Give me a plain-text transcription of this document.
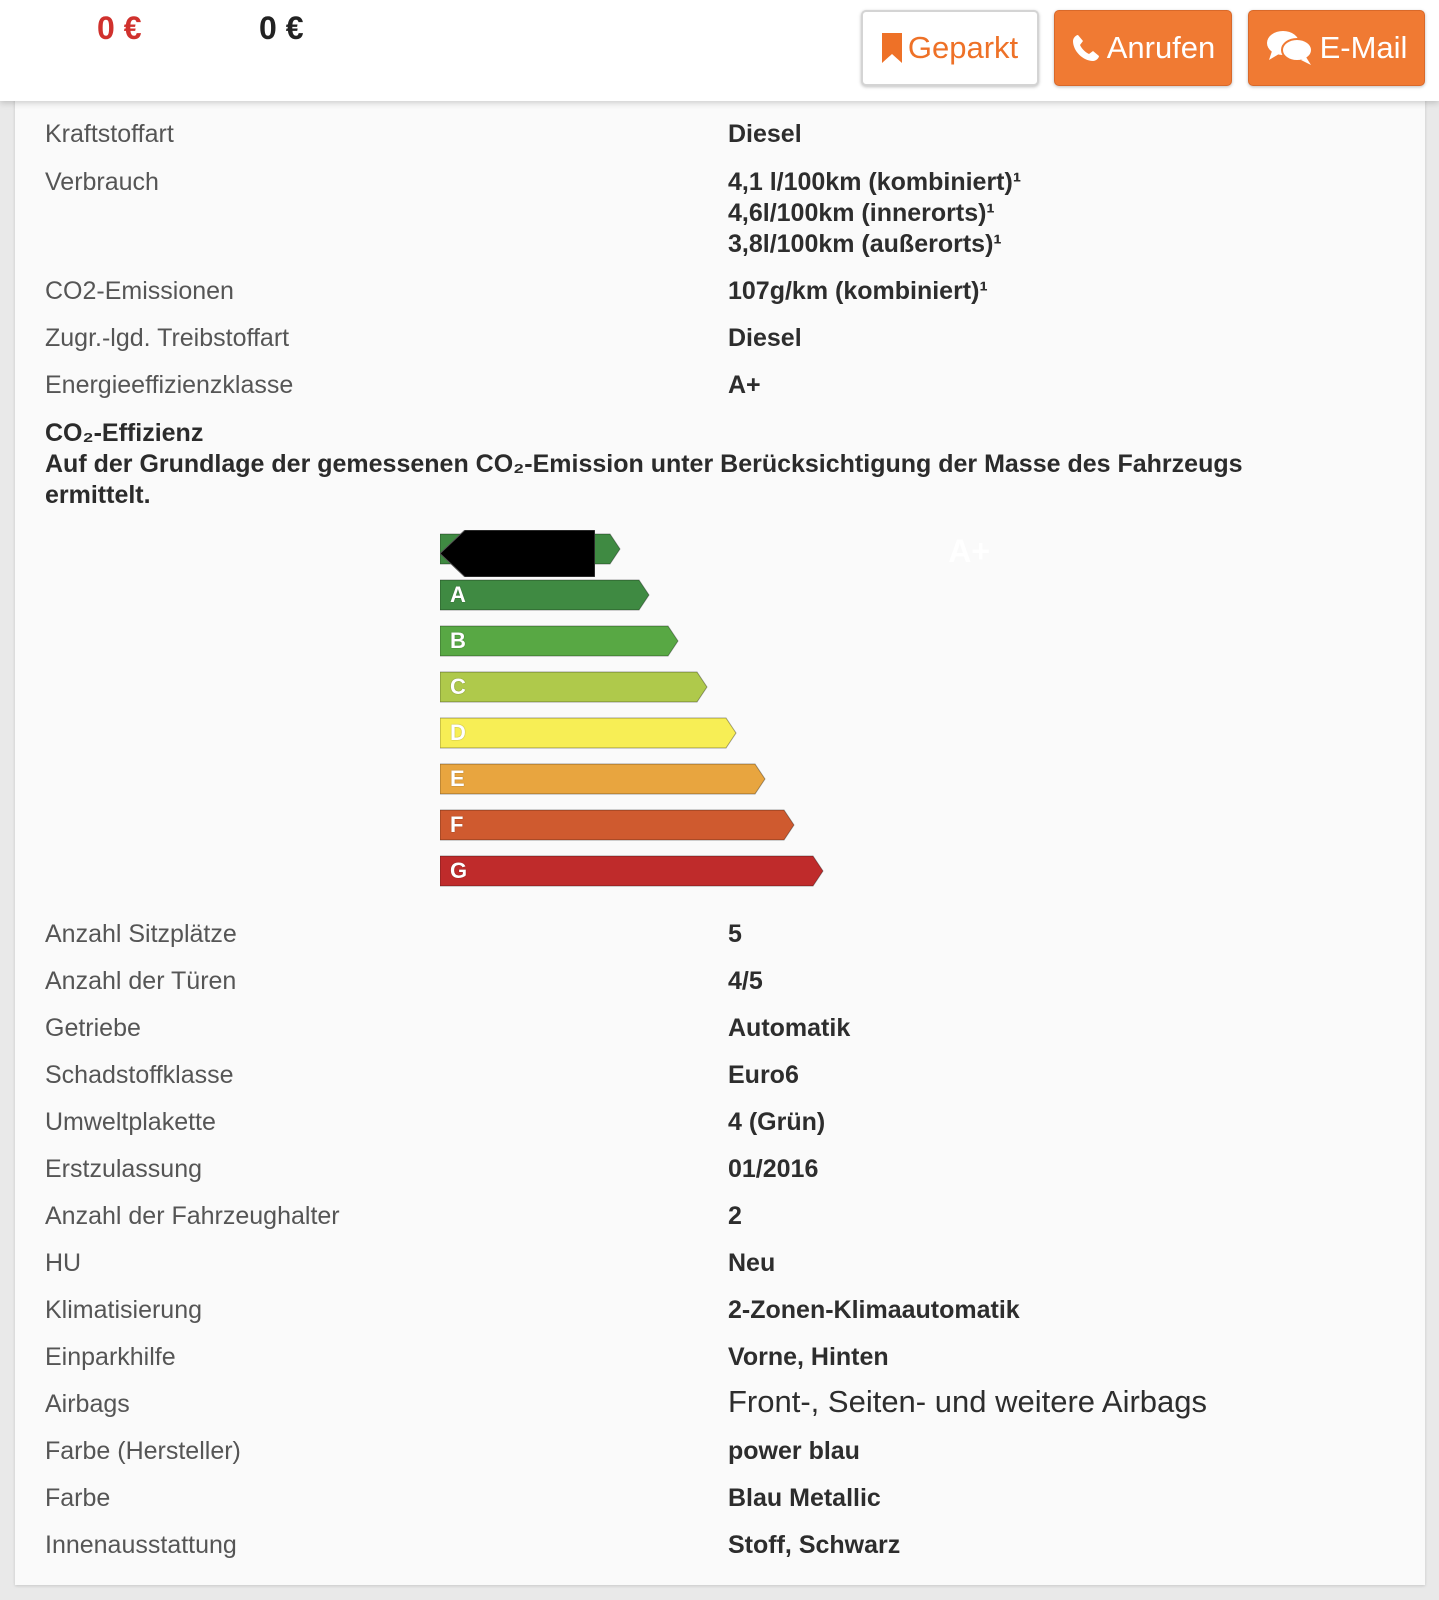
0 €	0 €
Geparkt	Anrufen	E-Mail
Kraftstoffart	Diesel
Verbrauch	4,1 l/100km (kombiniert)¹
4,6l/100km (innerorts)¹
3,8l/100km (außerorts)¹
CO2-Emissionen	107g/km (kombiniert)¹
Zugr.-lgd. Treibstoffart	Diesel
Energieeffizienzklasse	A+
CO₂-Effizienz
Auf der Grundlage der gemessenen CO₂-Emission unter Berücksichtigung der Masse des Fahrzeugs ermittelt.
A
B
C
D
E
F
G
A+
Anzahl Sitzplätze	5
Anzahl der Türen	4/5
Getriebe	Automatik
Schadstoffklasse	Euro6
Umweltplakette	4 (Grün)
Erstzulassung	01/2016
Anzahl der Fahrzeughalter	2
HU	Neu
Klimatisierung	2-Zonen-Klimaautomatik
Einparkhilfe	Vorne, Hinten
Airbags	Front-, Seiten- und weitere Airbags
Farbe (Hersteller)	power blau
Farbe	Blau Metallic
Innenausstattung	Stoff, Schwarz
